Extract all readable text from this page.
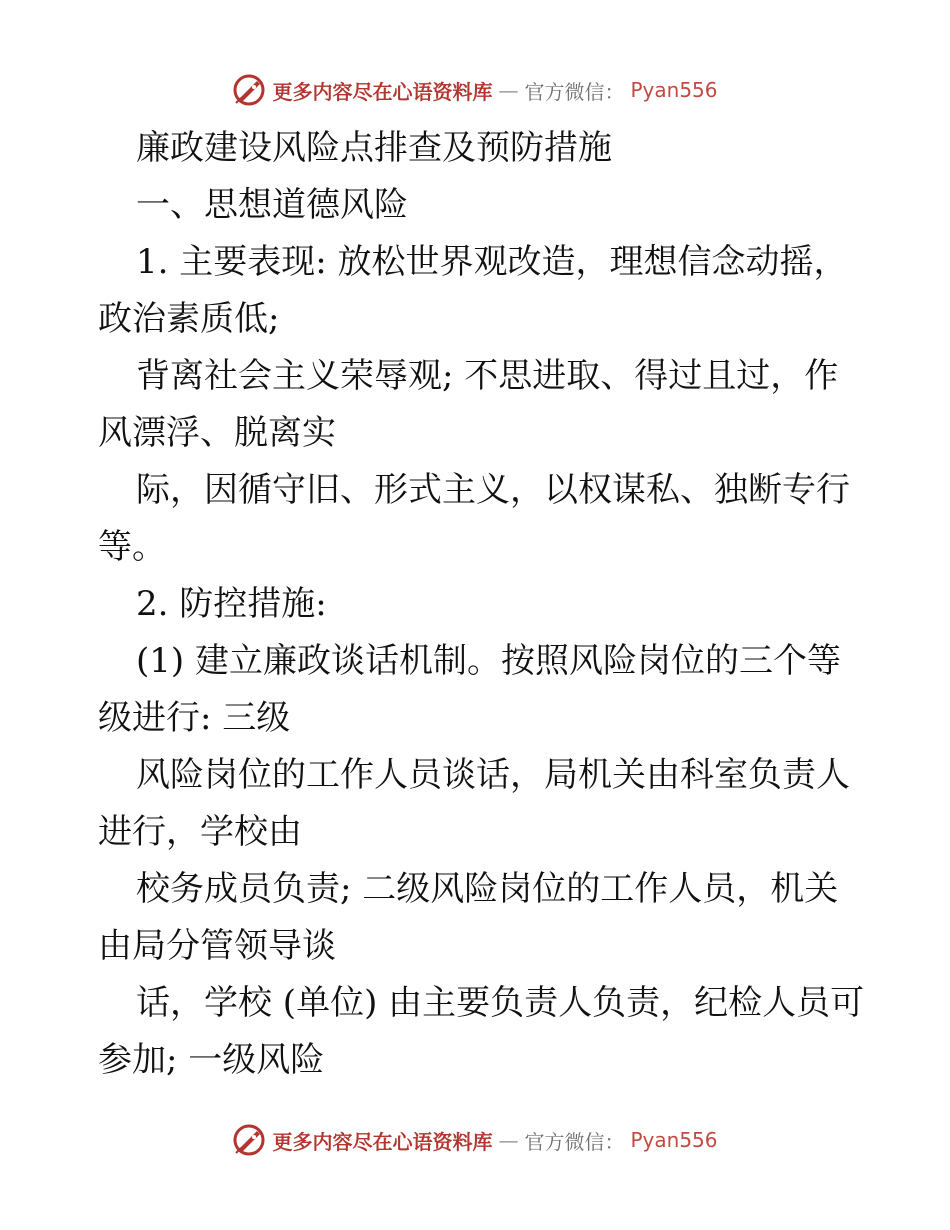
更多内容尽在心语资料库 — 官方微信： Pyan556
廉政建设风险点排查及预防措施
一、思想道德风险
1. 主要表现: 放松世界观改造，理想信念动摇，
政治素质低;
背离社会主义荣辱观; 不思进取、得过且过，作
风漂浮、脱离实
际，因循守旧、形式主义，以权谋私、独断专行
等。
2. 防控措施:
(1) 建立廉政谈话机制。按照风险岗位的三个等
级进行: 三级
风险岗位的工作人员谈话，局机关由科室负责人
进行，学校由
校务成员负责; 二级风险岗位的工作人员，机关
由局分管领导谈
话，学校 (单位) 由主要负责人负责，纪检人员可
参加; 一级风险
更多内容尽在心语资料库 — 官方微信： Pyan556
